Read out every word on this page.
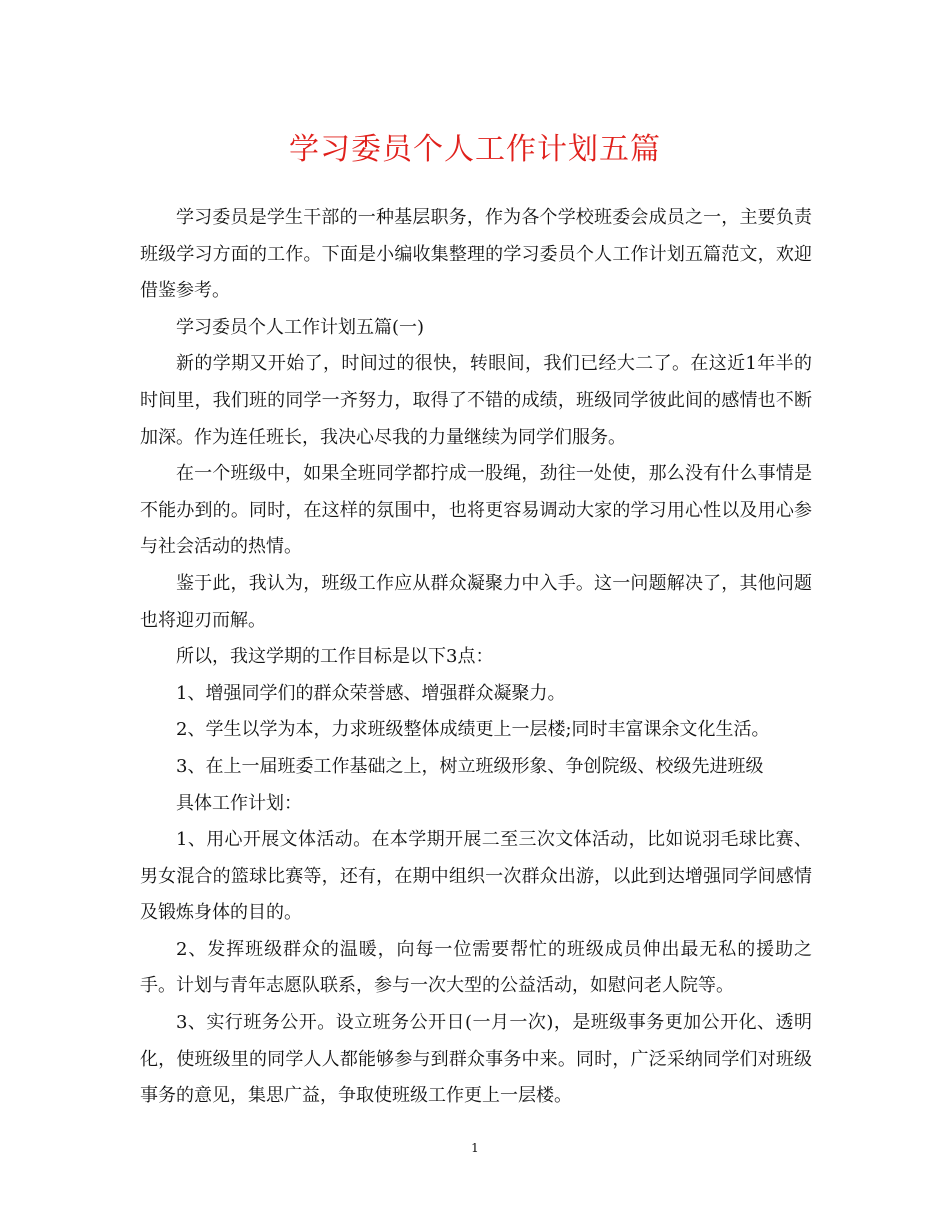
学习委员个人工作计划五篇

学习委员是学生干部的一种基层职务，作为各个学校班委会成员之一，主要负责班级学习方面的工作。下面是小编收集整理的学习委员个人工作计划五篇范文，欢迎借鉴参考。

学习委员个人工作计划五篇(一)

新的学期又开始了，时间过的很快，转眼间，我们已经大二了。在这近1年半的时间里，我们班的同学一齐努力，取得了不错的成绩，班级同学彼此间的感情也不断加深。作为连任班长，我决心尽我的力量继续为同学们服务。

在一个班级中，如果全班同学都拧成一股绳，劲往一处使，那么没有什么事情是不能办到的。同时，在这样的氛围中，也将更容易调动大家的学习用心性以及用心参与社会活动的热情。

鉴于此，我认为，班级工作应从群众凝聚力中入手。这一问题解决了，其他问题也将迎刃而解。

所以，我这学期的工作目标是以下3点：

1、增强同学们的群众荣誉感、增强群众凝聚力。

2、学生以学为本，力求班级整体成绩更上一层楼;同时丰富课余文化生活。

3、在上一届班委工作基础之上，树立班级形象、争创院级、校级先进班级

具体工作计划：

1、用心开展文体活动。在本学期开展二至三次文体活动，比如说羽毛球比赛、男女混合的篮球比赛等，还有，在期中组织一次群众出游，以此到达增强同学间感情及锻炼身体的目的。

2、发挥班级群众的温暖，向每一位需要帮忙的班级成员伸出最无私的援助之手。计划与青年志愿队联系，参与一次大型的公益活动，如慰问老人院等。

3、实行班务公开。设立班务公开日(一月一次)，是班级事务更加公开化、透明化，使班级里的同学人人都能够参与到群众事务中来。同时，广泛采纳同学们对班级事务的意见，集思广益，争取使班级工作更上一层楼。

1
